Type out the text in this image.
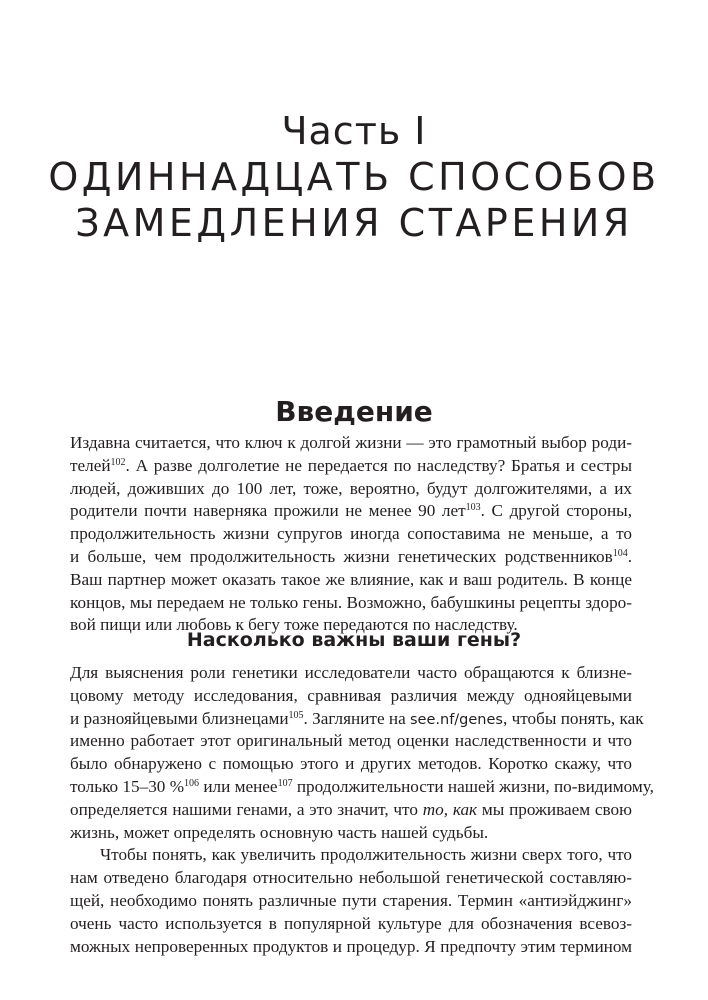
Часть I
ОДИННАДЦАТЬ СПОСОБОВ
ЗАМЕДЛЕНИЯ СТАРЕНИЯ
Введение
Издавна считается, что ключ к долгой жизни — это грамотный выбор роди-
телей$^{102}$. А разве долголетие не передается по наследству? Братья и сестры
людей, доживших до 100 лет, тоже, вероятно, будут долгожителями, а их
родители почти наверняка прожили не менее 90 лет$^{103}$. С другой стороны,
продолжительность жизни супругов иногда сопоставима не меньше, а то
и больше, чем продолжительность жизни генетических родственников$^{104}$.
Ваш партнер может оказать такое же влияние, как и ваш родитель. В конце
концов, мы передаем не только гены. Возможно, бабушкины рецепты здоро-
вой пищи или любовь к бегу тоже передаются по наследству.
Насколько важны ваши гены?
Для выяснения роли генетики исследователи часто обращаются к близне-
цовому методу исследования, сравнивая различия между однояйцевыми
и разнояйцевыми близнецами$^{105}$. Загляните на see.nf/genes, чтобы понять, как
именно работает этот оригинальный метод оценки наследственности и что
было обнаружено с помощью этого и других методов. Коротко скажу, что
только 15–30 %$^{106}$ или менее$^{107}$ продолжительности нашей жизни, по-видимому,
определяется нашими генами, а это значит, что то, как мы проживаем свою
жизнь, может определять основную часть нашей судьбы.
Чтобы понять, как увеличить продолжительность жизни сверх того, что
нам отведено благодаря относительно небольшой генетической составляю-
щей, необходимо понять различные пути старения. Термин «антиэйджинг»
очень часто используется в популярной культуре для обозначения всевоз-
можных непроверенных продуктов и процедур. Я предпочту этим термином
